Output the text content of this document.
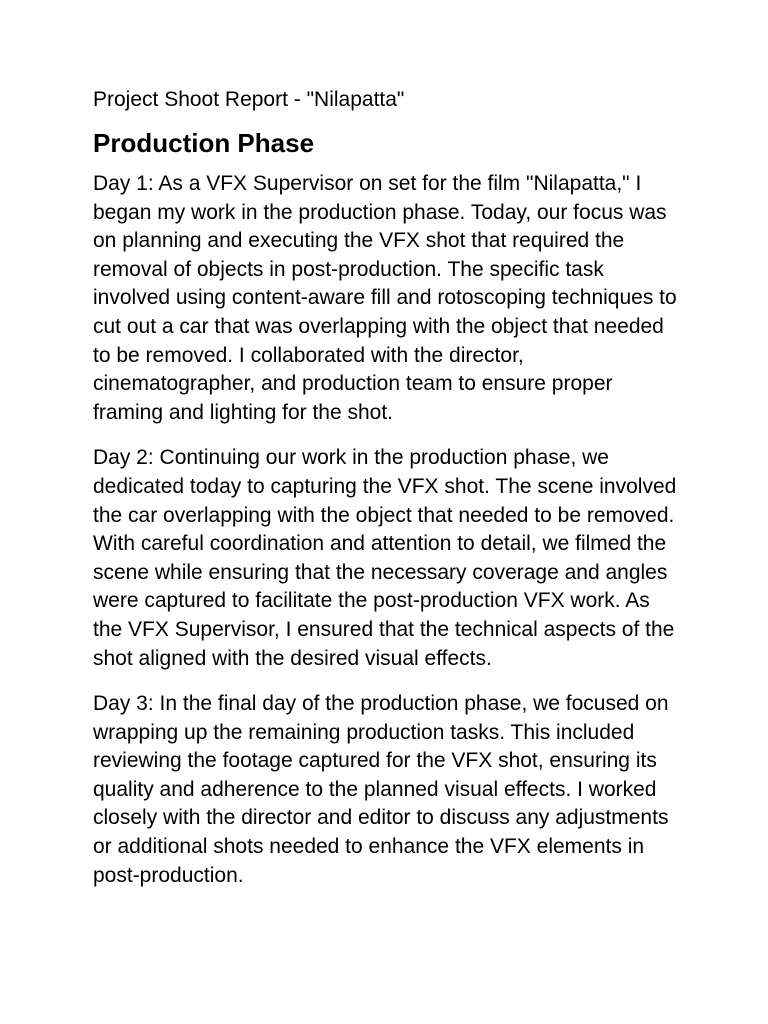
Project Shoot Report - "Nilapatta"

Production Phase

Day 1: As a VFX Supervisor on set for the film "Nilapatta," I began my work in the production phase. Today, our focus was on planning and executing the VFX shot that required the removal of objects in post-production. The specific task involved using content-aware fill and rotoscoping techniques to cut out a car that was overlapping with the object that needed to be removed. I collaborated with the director, cinematographer, and production team to ensure proper framing and lighting for the shot.

Day 2: Continuing our work in the production phase, we dedicated today to capturing the VFX shot. The scene involved the car overlapping with the object that needed to be removed. With careful coordination and attention to detail, we filmed the scene while ensuring that the necessary coverage and angles were captured to facilitate the post-production VFX work. As the VFX Supervisor, I ensured that the technical aspects of the shot aligned with the desired visual effects.

Day 3: In the final day of the production phase, we focused on wrapping up the remaining production tasks. This included reviewing the footage captured for the VFX shot, ensuring its quality and adherence to the planned visual effects. I worked closely with the director and editor to discuss any adjustments or additional shots needed to enhance the VFX elements in post-production.
